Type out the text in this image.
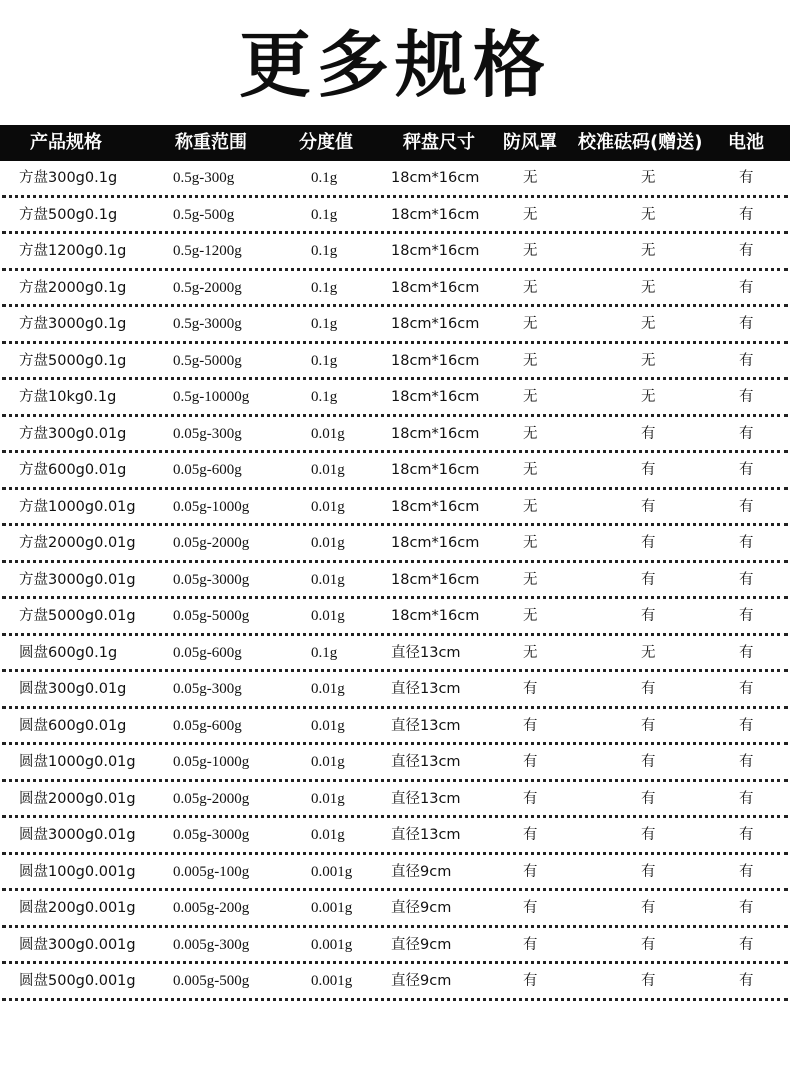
更多规格
产品规格	称重范围	分度值	秤盘尺寸 防风罩 校准砝码(赠送) 电池
方盘300g0.1g	0.5g-300g	0.1g	18cm*16cm	无	无	有
方盘500g0.1g	0.5g-500g	0.1g	18cm*16cm	无	无	有
方盘1200g0.1g	0.5g-1200g	0.1g	18cm*16cm	无	无	有
方盘2000g0.1g	0.5g-2000g	0.1g	18cm*16cm	无	无	有
方盘3000g0.1g	0.5g-3000g	0.1g	18cm*16cm	无	无	有
方盘5000g0.1g	0.5g-5000g	0.1g	18cm*16cm	无	无	有
方盘10kg0.1g	0.5g-10000g	0.1g	18cm*16cm	无	无	有
方盘300g0.01g	0.05g-300g	0.01g	18cm*16cm	无	有	有
方盘600g0.01g	0.05g-600g	0.01g	18cm*16cm	无	有	有
方盘1000g0.01g 0.05g-1000g	0.01g	18cm*16cm	无	有	有
方盘2000g0.01g 0.05g-2000g	0.01g	18cm*16cm	无	有	有
方盘3000g0.01g 0.05g-3000g	0.01g	18cm*16cm	无	有	有
方盘5000g0.01g 0.05g-5000g	0.01g	18cm*16cm	无	有	有
圆盘600g0.1g	0.05g-600g	0.1g	直径13cm	无	无	有
圆盘300g0.01g	0.05g-300g	0.01g	直径13cm	有	有	有
圆盘600g0.01g	0.05g-600g	0.01g	直径13cm	有	有	有
圆盘1000g0.01g 0.05g-1000g	0.01g	直径13cm	有	有	有
圆盘2000g0.01g 0.05g-2000g	0.01g	直径13cm	有	有	有
圆盘3000g0.01g 0.05g-3000g	0.01g	直径13cm	有	有	有
圆盘100g0.001g 0.005g-100g	0.001g	直径9cm	有	有	有
圆盘200g0.001g 0.005g-200g	0.001g	直径9cm	有	有	有
圆盘300g0.001g 0.005g-300g	0.001g	直径9cm	有	有	有
圆盘500g0.001g 0.005g-500g	0.001g	直径9cm	有	有	有
